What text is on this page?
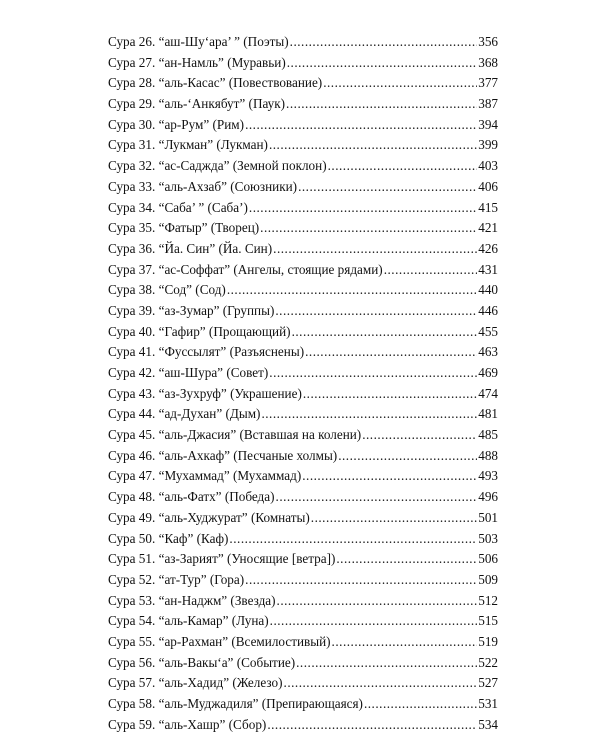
Сура 26. “аш-Шу‘ара’ ” (Поэты) .....	356
Сура 27. “ан-Намль” (Муравьи) .....	368
Сура 28. “аль-Касас” (Повествование) .....	377
Сура 29. “аль-‘Анкябут” (Паук) .....	387
Сура 30. “ар-Рум” (Рим) .....	394
Сура 31. “Лукман” (Лукман) .....	399
Сура 32. “ас-Саджда” (Земной поклон) .....	403
Сура 33. “аль-Ахзаб” (Союзники) .....	406
Сура 34. “Саба’ ” (Саба’) .....	415
Сура 35. “Фатыр” (Творец) .....	421
Сура 36. “Йа. Син” (Йа. Син) .....	426
Сура 37. “ас-Соффат” (Ангелы, стоящие рядами) .....	431
Сура 38. “Сод” (Сод) .....	440
Сура 39. “аз-Зумар” (Группы) .....	446
Сура 40. “Гафир” (Прощающий) .....	455
Сура 41. “Фуссылят” (Разъяснены) .....	463
Сура 42. “аш-Шура” (Совет) .....	469
Сура 43. “аз-Зухруф” (Украшение) .....	474
Сура 44. “ад-Духан” (Дым) .....	481
Сура 45. “аль-Джасия” (Вставшая на колени) .....	485
Сура 46. “аль-Ахкаф” (Песчаные холмы) .....	488
Сура 47. “Мухаммад” (Мухаммад) .....	493
Сура 48. “аль-Фатх” (Победа) .....	496
Сура 49. “аль-Худжурат” (Комнаты) .....	501
Сура 50. “Каф” (Каф) .....	503
Сура 51. “аз-Зарият” (Уносящие [ветра]) .....	506
Сура 52. “ат-Тур” (Гора) .....	509
Сура 53. “ан-Наджм” (Звезда) .....	512
Сура 54. “аль-Камар” (Луна) .....	515
Сура 55. “ар-Рахман” (Всемилостивый) .....	519
Сура 56. “аль-Вакы‘а” (Событие) .....	522
Сура 57. “аль-Хадид” (Железо) .....	527
Сура 58. “аль-Муджадиля” (Препирающаяся) .....	531
Сура 59. “аль-Хашр” (Сбор) .....	534
